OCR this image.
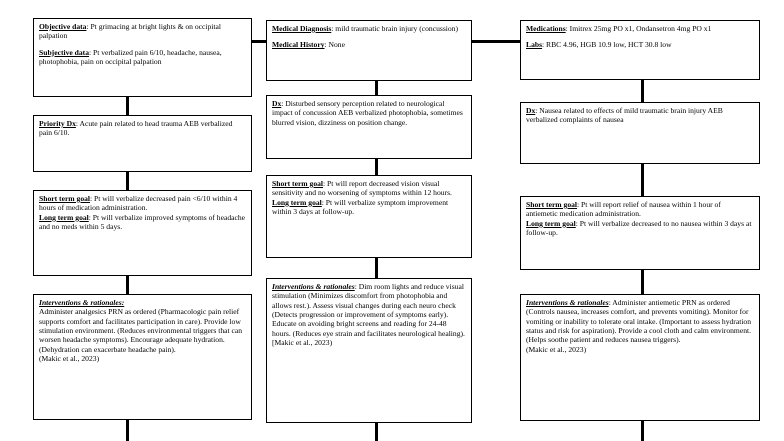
Objective data: Pt grimacing at bright lights & on occipital palpation

Subjective data: Pt verbalized pain 6/10, headache, nausea, photophobia, pain on occipital palpation

Priority Dx: Acute pain related to head trauma AEB verbalized pain 6/10.

Short term goal: Pt will verbalize decreased pain <6/10 within 4 hours of medication administration.

Long term goal: Pt will verbalize improved symptoms of headache and no meds within 5 days.

Interventions & rationales:

Administer analgesics PRN as ordered (Pharmacologic pain relief supports comfort and facilitates participation in care). Provide low stimulation environment. (Reduces environmental triggers that can worsen headache symptoms). Encourage adequate hydration. (Dehydration can exacerbate headache pain).

(Makic et al., 2023)

Medical Diagnosis: mild traumatic brain injury (concussion)

Medical History: None

Dx: Disturbed sensory perception related to neurological impact of concussion AEB verbalized photophobia, sometimes blurred vision, dizziness on position change.

Short term goal: Pt will report decreased vision visual sensitivity and no worsening of symptoms within 12 hours.

Long term goal: Pt will verbalize symptom improvement within 3 days at follow-up.

Interventions & rationales: Dim room lights and reduce visual stimulation (Minimizes discomfort from photophobia and allows rest.). Assess visual changes during each neuro check (Detects progression or improvement of symptoms early). Educate on avoiding bright screens and reading for 24-48 hours. (Reduces eye strain and facilitates neurological healing).

[Makic et al., 2023)

Medications: Imitrex 25mg PO x1, Ondansetron 4mg PO x1

Labs: RBC 4.96, HGB 10.9 low, HCT 30.8 low

Dx: Nausea related to effects of mild traumatic brain injury AEB verbalized complaints of nausea

Short term goal: Pt will report relief of nausea within 1 hour of antiemetic medication administration.

Long term goal: Pt will verbalize decreased to no nausea within 3 days at follow-up.

Interventions & rationales: Administer antiemetic PRN as ordered (Controls nausea, increases comfort, and prevents vomiting). Monitor for vomiting or inability to tolerate oral intake. (Important to assess hydration status and risk for aspiration). Provide a cool cloth and calm environment. (Helps soothe patient and reduces nausea triggers).

(Makic et al., 2023)
